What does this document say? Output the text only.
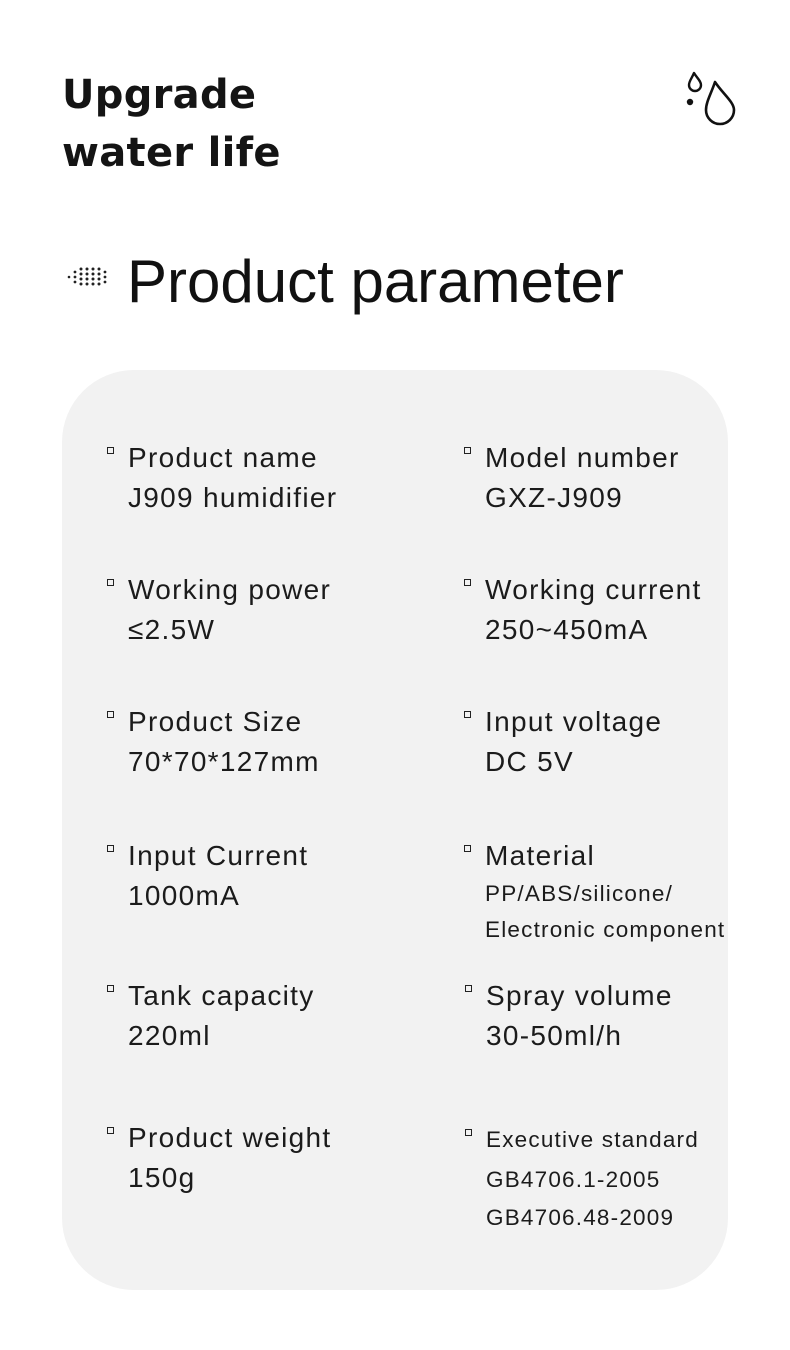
Upgrade
water life
Product parameter
Product name
J909 humidifier
Model number
GXZ-J909
Working power
≤2.5W
Working current
250~450mA
Product Size
70*70*127mm
Input voltage
DC 5V
Input Current
1000mA
Material
PP/ABS/silicone/
Electronic component
Tank capacity
220ml
Spray volume
30-50ml/h
Product weight
150g
Executive standard
GB4706.1-2005
GB4706.48-2009
